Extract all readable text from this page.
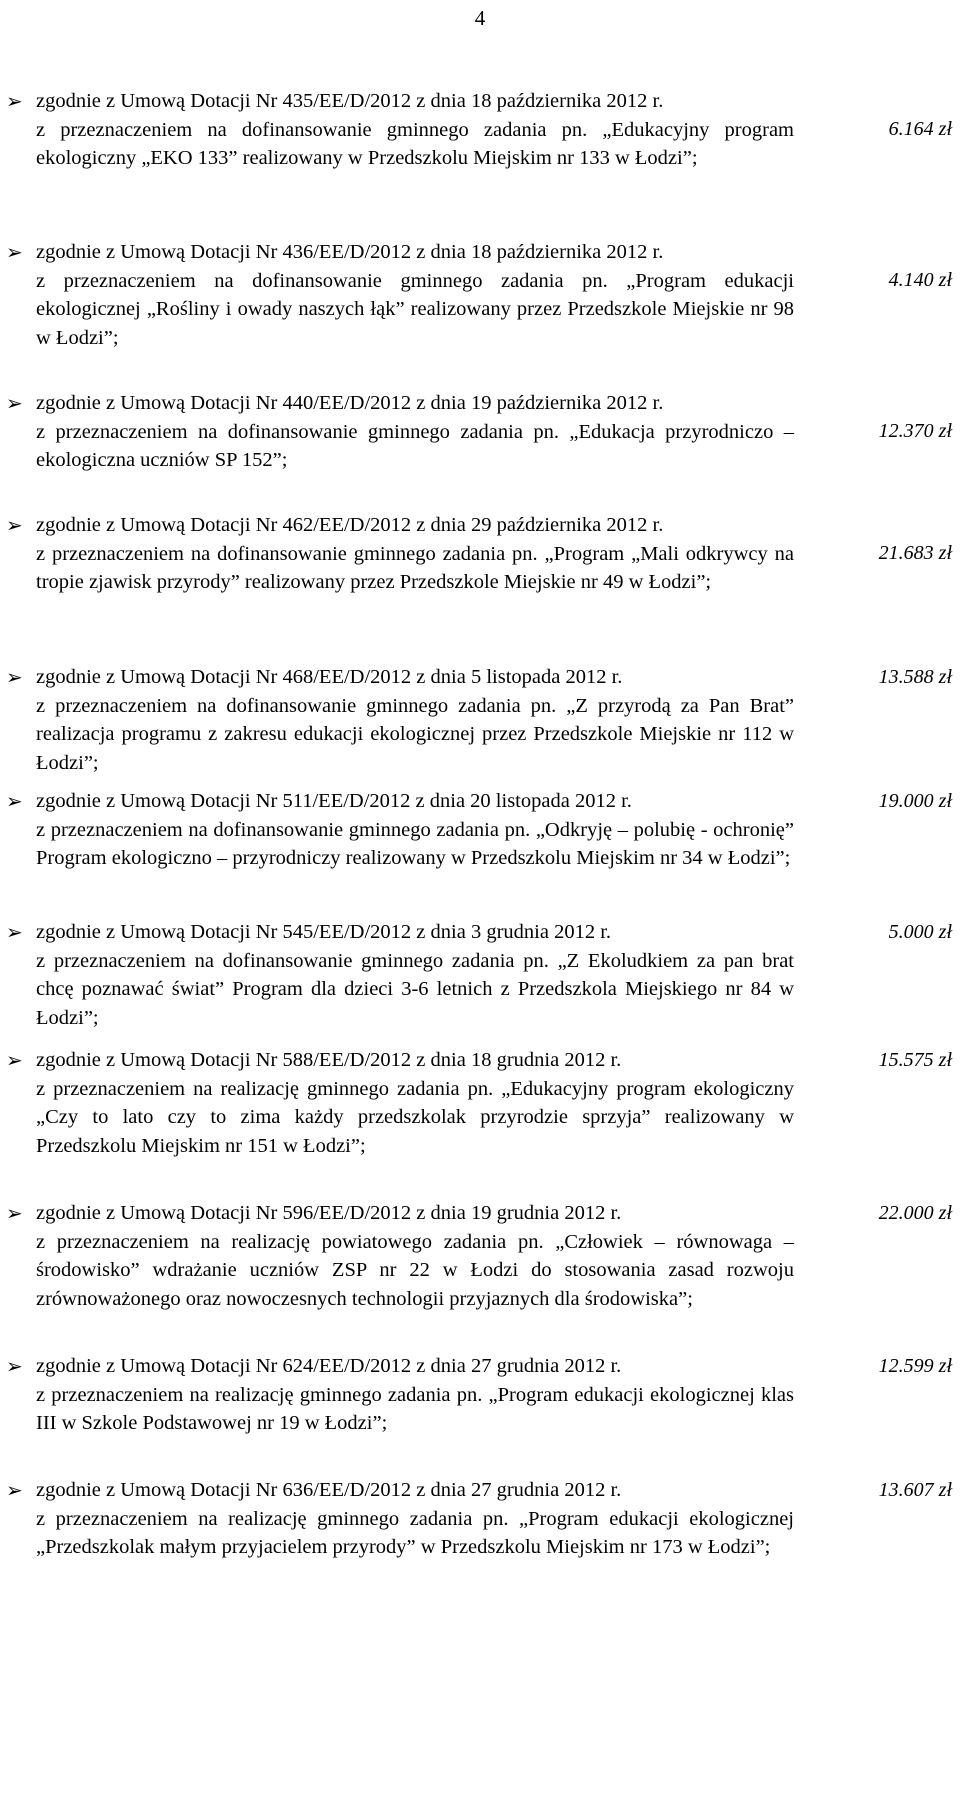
4
➢ zgodnie z Umową Dotacji Nr 435/EE/D/2012 z dnia 18 października 2012 r.
z przeznaczeniem na dofinansowanie gminnego zadania pn. „Edukacyjny program ekologiczny „EKO 133” realizowany w Przedszkolu Miejskim nr 133 w Łodzi”;
6.164 zł
➢ zgodnie z Umową Dotacji Nr 436/EE/D/2012 z dnia 18 października 2012 r.
z przeznaczeniem na dofinansowanie gminnego zadania pn. „Program edukacji ekologicznej „Rośliny i owady naszych łąk” realizowany przez Przedszkole Miejskie nr 98 w Łodzi”;
4.140 zł
➢ zgodnie z Umową Dotacji Nr 440/EE/D/2012 z dnia 19 października 2012 r.
z przeznaczeniem na dofinansowanie gminnego zadania pn. „Edukacja przyrodniczo – ekologiczna uczniów SP 152”;
12.370 zł
➢ zgodnie z Umową Dotacji Nr 462/EE/D/2012 z dnia 29 października 2012 r.
z przeznaczeniem na dofinansowanie gminnego zadania pn. „Program „Mali odkrywcy na tropie zjawisk przyrody” realizowany przez Przedszkole Miejskie nr 49 w Łodzi”;
21.683 zł
➢ zgodnie z Umową Dotacji Nr 468/EE/D/2012 z dnia 5 listopada 2012 r.
z przeznaczeniem na dofinansowanie gminnego zadania pn. „Z przyrodą za Pan Brat” realizacja programu z zakresu edukacji ekologicznej przez Przedszkole Miejskie nr 112 w Łodzi”;
13.588 zł
➢ zgodnie z Umową Dotacji Nr 511/EE/D/2012 z dnia 20 listopada 2012 r.
z przeznaczeniem na dofinansowanie gminnego zadania pn. „Odkryję – polubię - ochronię” Program ekologiczno – przyrodniczy realizowany w Przedszkolu Miejskim nr 34 w Łodzi”;
19.000 zł
➢ zgodnie z Umową Dotacji Nr 545/EE/D/2012 z dnia 3 grudnia 2012 r.
z przeznaczeniem na dofinansowanie gminnego zadania pn. „Z Ekoludkiem za pan brat chcę poznawać świat” Program dla dzieci 3-6 letnich z Przedszkola Miejskiego nr 84 w Łodzi”;
5.000 zł
➢ zgodnie z Umową Dotacji Nr 588/EE/D/2012 z dnia 18 grudnia 2012 r.
z przeznaczeniem na realizację gminnego zadania pn. „Edukacyjny program ekologiczny „Czy to lato czy to zima każdy przedszkolak przyrodzie sprzyja” realizowany w Przedszkolu Miejskim nr 151 w Łodzi”;
15.575 zł
➢ zgodnie z Umową Dotacji Nr 596/EE/D/2012 z dnia 19 grudnia 2012 r.
z przeznaczeniem na realizację powiatowego zadania pn. „Człowiek – równowaga – środowisko” wdrażanie uczniów ZSP nr 22 w Łodzi do stosowania zasad rozwoju zrównoważonego oraz nowoczesnych technologii przyjaznych dla środowiska”;
22.000 zł
➢ zgodnie z Umową Dotacji Nr 624/EE/D/2012 z dnia 27 grudnia 2012 r.
z przeznaczeniem na realizację gminnego zadania pn. „Program edukacji ekologicznej klas III w Szkole Podstawowej nr 19 w Łodzi”;
12.599 zł
➢ zgodnie z Umową Dotacji Nr 636/EE/D/2012 z dnia 27 grudnia 2012 r.
z przeznaczeniem na realizację gminnego zadania pn. „Program edukacji ekologicznej „Przedszkolak małym przyjacielem przyrody” w Przedszkolu Miejskim nr 173 w Łodzi”;
13.607 zł
